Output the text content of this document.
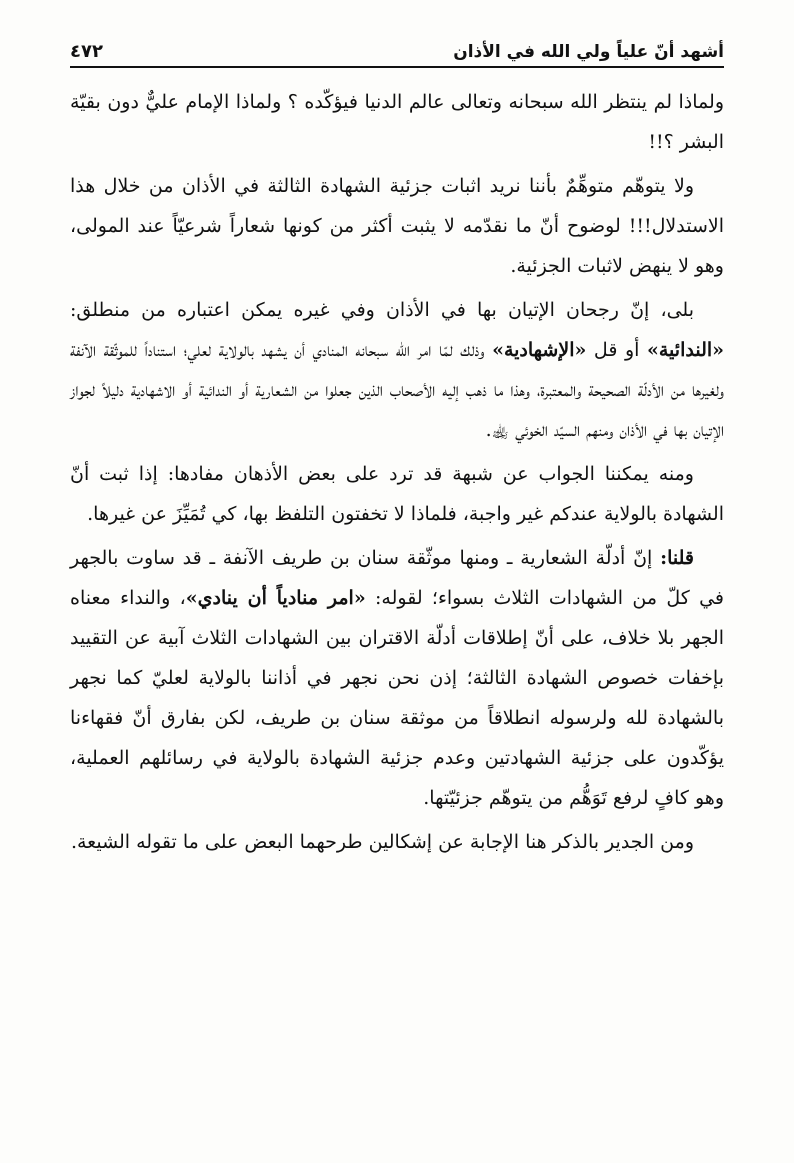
أشهد أنّ علياً ولي الله في الأذان
٤٧٢

ولماذا لم ينتظر الله سبحانه وتعالى عالم الدنيا فيؤكّده ؟ ولماذا الإمام عليٌّ دون بقيّة البشر ؟!!

ولا يتوهّم متوهِّمٌ بأننا نريد اثبات جزئية الشهادة الثالثة في الأذان من خلال هذا الاستدلال!!! لوضوح أنّ ما نقدّمه لا يثبت أكثر من كونها شعاراً شرعيّاً عند المولى، وهو لا ينهض لاثبات الجزئية.

بلى، إنّ رجحان الإتيان بها في الأذان وفي غيره يمكن اعتباره من منطلق: «الندائية» أو قل «الإشهادية» وذلك لمّا امر الله سبحانه المنادي أن يشهد بالولاية لعلي؛ استناداً للموثّقة الآنفة ولغيرها من الأدلّة الصحيحة والمعتبرة، وهذا ما ذهب إليه الأصحاب الذين جعلوا من الشعارية أو الندائية أو الاشهادية دليلاً لجواز الإتيان بها في الأذان ومنهم السيّد الخوئي ﵀.

ومنه يمكننا الجواب عن شبهة قد ترد على بعض الأذهان مفادها: إذا ثبت أنّ الشهادة بالولاية عندكم غير واجبة، فلماذا لا تخفتون التلفظ بها، كي تُمَيِّزَ عن غيرها.

قلنا: إنّ أدلّة الشعارية ـ ومنها موثّقة سنان بن طريف الآنفة ـ قد ساوت بالجهر في كلّ من الشهادات الثلاث بسواء؛ لقوله: «امر منادياً أن ينادي»، والنداء معناه الجهر بلا خلاف، على أنّ إطلاقات أدلّة الاقتران بين الشهادات الثلاث آبية عن التقييد بإخفات خصوص الشهادة الثالثة؛ إذن نحن نجهر في أذاننا بالولاية لعليّ كما نجهر بالشهادة لله ولرسوله انطلاقاً من موثقة سنان بن طريف، لكن بفارق أنّ فقهاءنا يؤكّدون على جزئية الشهادتين وعدم جزئية الشهادة بالولاية في رسائلهم العملية، وهو كافٍ لرفع تَوَهُّم من يتوهّم جزئيّتها.

ومن الجدير بالذكر هنا الإجابة عن إشكالين طرحهما البعض على ما تقوله الشيعة.
